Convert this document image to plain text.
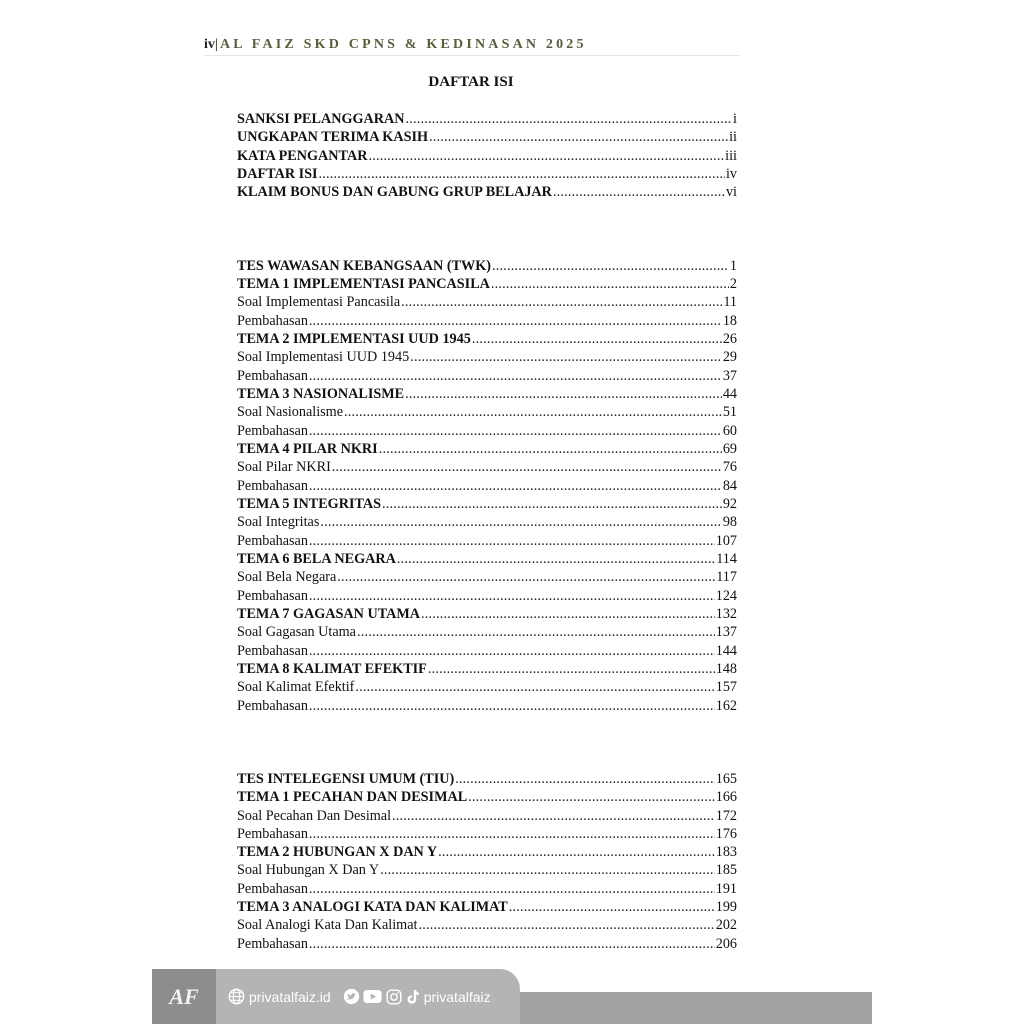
iv| AL FAIZ SKD CPNS & KEDINASAN 2025
DAFTAR ISI
SANKSI PELANGGARAN .....	i
UNGKAPAN TERIMA KASIH .....	ii
KATA PENGANTAR .....	iii
DAFTAR ISI .....	iv
KLAIM BONUS DAN GABUNG GRUP BELAJAR .....	vi
TES WAWASAN KEBANGSAAN (TWK) .....	1
TEMA 1 IMPLEMENTASI PANCASILA .....	2
Soal Implementasi Pancasila .....	11
Pembahasan .....	18
TEMA 2 IMPLEMENTASI UUD 1945 .....	26
Soal Implementasi UUD 1945 .....	29
Pembahasan .....	37
TEMA 3 NASIONALISME .....	44
Soal Nasionalisme .....	51
Pembahasan .....	60
TEMA 4 PILAR NKRI .....	69
Soal Pilar NKRI .....	76
Pembahasan .....	84
TEMA 5 INTEGRITAS .....	92
Soal Integritas .....	98
Pembahasan .....	107
TEMA 6 BELA NEGARA .....	114
Soal Bela Negara .....	117
Pembahasan .....	124
TEMA 7 GAGASAN UTAMA .....	132
Soal Gagasan Utama .....	137
Pembahasan .....	144
TEMA 8 KALIMAT EFEKTIF .....	148
Soal Kalimat Efektif .....	157
Pembahasan .....	162
TES INTELEGENSI UMUM (TIU) .....	165
TEMA 1 PECAHAN DAN DESIMAL .....	166
Soal Pecahan Dan Desimal .....	172
Pembahasan .....	176
TEMA 2 HUBUNGAN X DAN Y .....	183
Soal Hubungan X Dan Y .....	185
Pembahasan .....	191
TEMA 3 ANALOGI KATA DAN KALIMAT .....	199
Soal Analogi Kata Dan Kalimat .....	202
Pembahasan .....	206
AF	privatalfaiz.id	privatalfaiz
